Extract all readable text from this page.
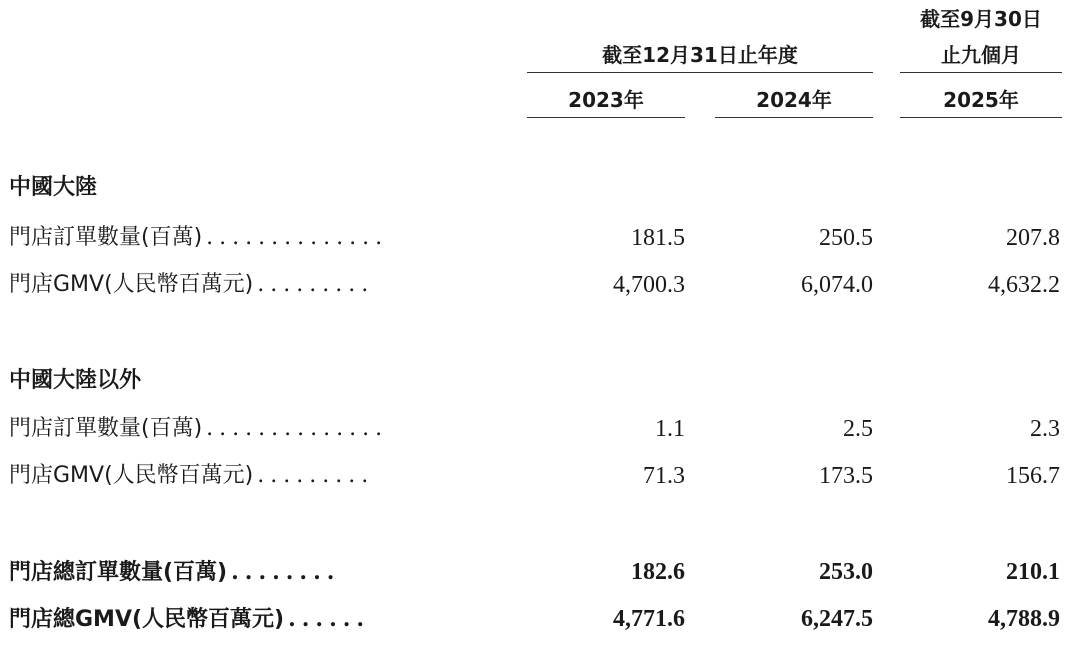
截至9月30日
截至12月31日止年度	止九個月
2023年	2024年	2025年
中國大陸
門店訂單數量(百萬) ..............	181.5	250.5	207.8
門店GMV(人民幣百萬元) .........	4,700.3	6,074.0	4,632.2
中國大陸以外
門店訂單數量(百萬) ..............	1.1	2.5	2.3
門店GMV(人民幣百萬元) .........	71.3	173.5	156.7
門店總訂單數量(百萬) ........	182.6	253.0	210.1
門店總GMV(人民幣百萬元) ......	4,771.6	6,247.5	4,788.9
